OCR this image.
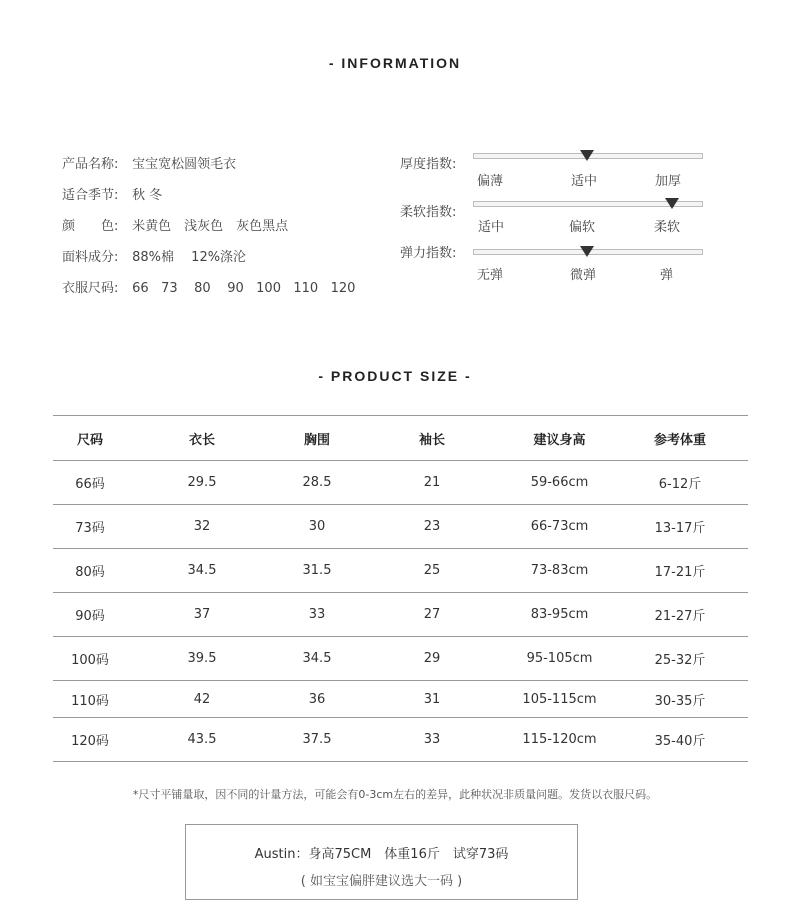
- INFORMATION
产品名称: 宝宝宽松圆领毛衣
适合季节: 秋 冬
颜　　色: 米黄色　浅灰色　灰色黑点
面料成分: 88%棉　 12%涤沦
衣服尺码: 66   73    80    90   100   110   120
厚度指数:
偏薄	适中	加厚
柔软指数:
适中	偏软	柔软
弹力指数:
无弹	微弹	弹
- PRODUCT SIZE -
尺码	衣长	胸围	袖长	建议身高	参考体重
66码	29.5	28.5	21	59-66cm	6-12斤
73码	32	30	23	66-73cm	13-17斤
80码	34.5	31.5	25	73-83cm	17-21斤
90码	37	33	27	83-95cm	21-27斤
100码	39.5	34.5	29	95-105cm	25-32斤
110码	42	36	31	105-115cm	30-35斤
120码	43.5	37.5	33	115-120cm	35-40斤
*尺寸平铺量取，因不同的计量方法，可能会有0-3cm左右的差异，此种状况非质量问题。发货以衣服尺码。
Austin：身高75CM　体重16斤　试穿73码
( 如宝宝偏胖建议选大一码 )
